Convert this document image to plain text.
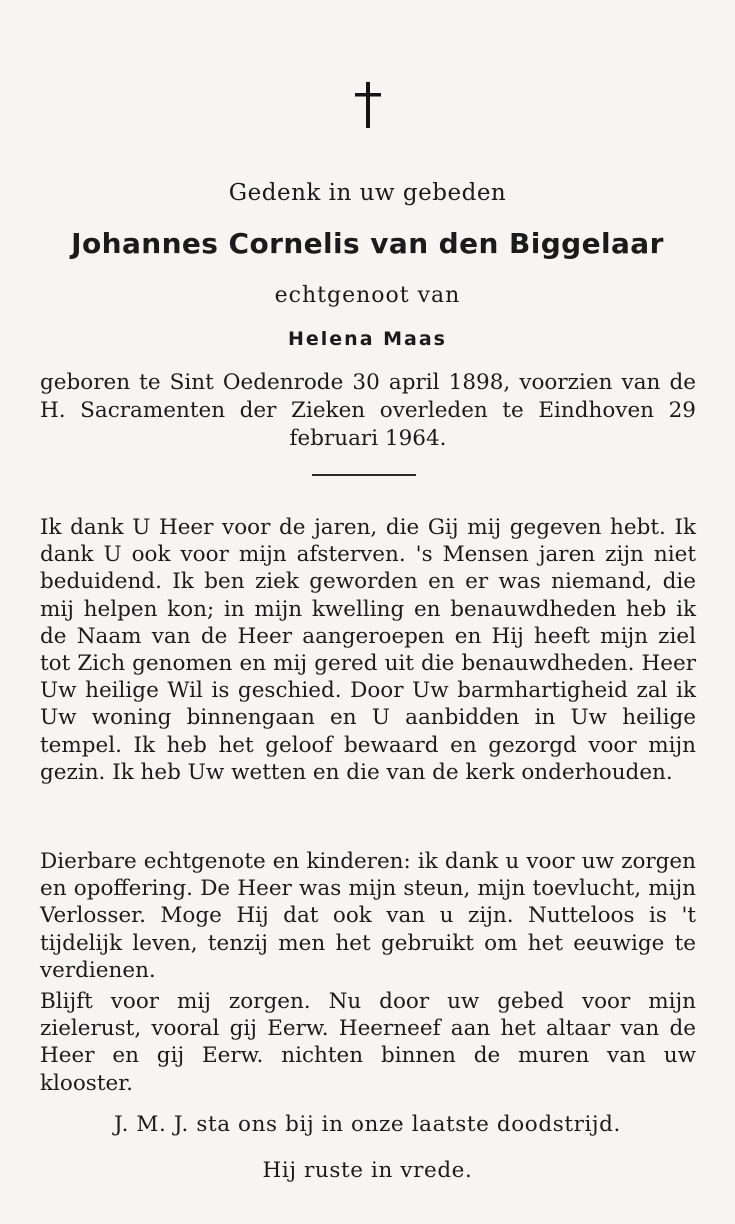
Gedenk in uw gebeden
Johannes Cornelis van den Biggelaar
echtgenoot van
Helena Maas
geboren te Sint Oedenrode 30 april 1898, voorzien van de H. Sacramenten der Zieken overleden te Eindhoven 29 februari 1964.

Ik dank U Heer voor de jaren, die Gij mij gegeven hebt. Ik dank U ook voor mijn afsterven. 's Mensen jaren zijn niet beduidend. Ik ben ziek geworden en er was niemand, die mij helpen kon; in mijn kwelling en benauwdheden heb ik de Naam van de Heer aangeroepen en Hij heeft mijn ziel tot Zich genomen en mij gered uit die benauwdheden. Heer Uw heilige Wil is geschied. Door Uw barmhartigheid zal ik Uw woning binnengaan en U aanbidden in Uw heilige tempel. Ik heb het geloof bewaard en gezorgd voor mijn gezin. Ik heb Uw wetten en die van de kerk onderhouden.

Dierbare echtgenote en kinderen: ik dank u voor uw zorgen en opoffering. De Heer was mijn steun, mijn toevlucht, mijn Verlosser. Moge Hij dat ook van u zijn. Nutteloos is 't tijdelijk leven, tenzij men het gebruikt om het eeuwige te verdienen.

Blijft voor mij zorgen. Nu door uw gebed voor mijn zielerust, vooral gij Eerw. Heerneef aan het altaar van de Heer en gij Eerw. nichten binnen de muren van uw klooster.

J. M. J. sta ons bij in onze laatste doodstrijd.
Hij ruste in vrede.
